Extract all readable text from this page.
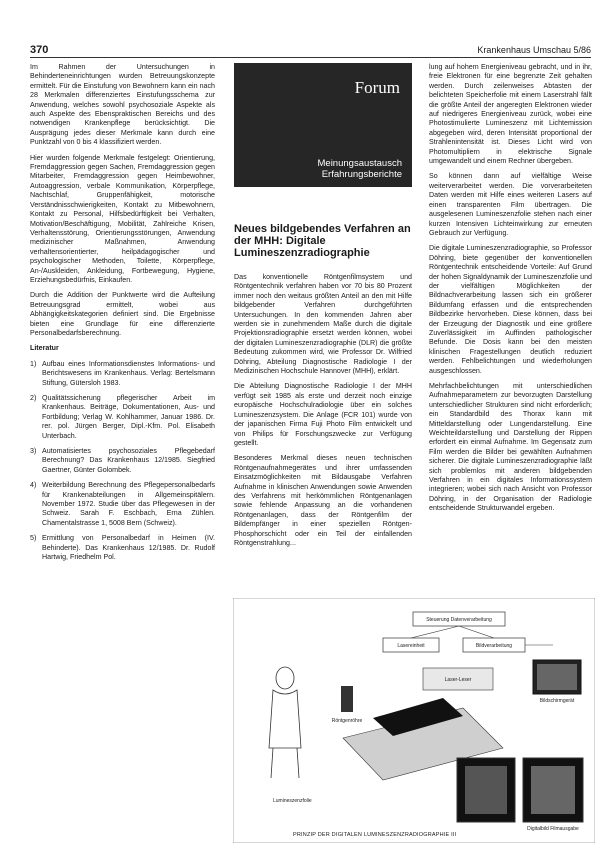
370	Krankenhaus Umschau 5/86

Im Rahmen der Untersuchungen in Behinderteneinrichtungen wurden Betreuungskonzepte ermittelt. Für die Einstufung von Bewohnern kann ein nach 28 Merkmalen differenziertes Einstufungsschema zur Anwendung, welches sowohl psychosoziale Aspekte als auch Aspekte des Ebenspraktischen Bereichs und des notwendigen Krankenpflege berücksichtigt. Die Ausprägung jedes dieser Merkmale kann durch eine Punktzahl von 0 bis 4 klassifiziert werden.

Hier wurden folgende Merkmale festgelegt: Orientierung, Fremdaggression gegen Sachen, Fremdaggression gegen Mitarbeiter, Fremdaggression gegen Heimbewohner, Autoaggression, verbale Kommunikation, Körperpflege, Nachtschlaf, Gruppenfähigkeit, motorische Verständnisschwierigkeiten, Kontakt zu Mitbewohnern, Kontakt zu Personal, Hilfsbedürftigkeit bei Verhalten, Motivation/Beschäftigung, Mobilität, Zahlreiche Krisen, Verhaltensstörung, Orientierungsstörungen, Anwendung medizinischer Maßnahmen, Anwendung verhaltensorientierter, heilpädagogischer und psychologischer Methoden, Toilette, Körperpflege, An-/Auskleiden, Ankleidung, Fortbewegung, Hygiene, Erziehungsbedürfnis, Einkaufen.

Durch die Addition der Punktwerte wird die Aufteilung Betreuungsgrad ermittelt, wobei aus Abhängigkeitskategorien definiert sind. Die Ergebnisse bieten eine Grundlage für eine differenzierte Personalbedarfsberechnung.

Literatur
1) Aufbau eines Informationsdienstes Informations- und Berichtswesens im Krankenhaus. Verlag: Bertelsmann Stiftung, Gütersloh 1983.
2) Qualitätssicherung pflegerischer Arbeit im Krankenhaus. Beiträge, Dokumentationen, Aus- und Fortbildung; Verlag W. Kohlhammer, Januar 1986. Dr. rer. pol. Jürgen Berger, Dipl.-Kfm. Pol. Elisabeth Unterbach.
3) Automatisiertes psychosoziales Pflegebedarf Berechnung? Das Krankenhaus 12/1985. Siegfried Gaertner, Günter Golombek.
4) Weiterbildung Berechnung des Pflegepersonalbedarfs für Krankenabteilungen in Allgemeinspitälern. November 1972. Studie über das Pflegewesen in der Schweiz. Sarah F. Eschbach, Erna Zühlen. Chamentalstrasse 1, 5008 Bern (Schweiz).
5) Ermittlung von Personalbedarf in Heimen (IV. Behinderte). Das Krankenhaus 12/1985. Dr. Rudolf Hartwig, Friedhelm Pol.
Forum
Meinungsaustausch
Erfahrungsberichte
Neues bildgebendes Verfahren an der MHH: Digitale Lumineszenzradiographie

Das konventionelle Röntgenfilmsystem und Röntgentechnik verfahren haben vor 70 bis 80 Prozent immer noch den weitaus größten Anteil an den mit Hilfe bildgebender Verfahren durchgeführten Untersuchungen. In den kommenden Jahren aber werden sie in zunehmendem Maße durch die digitale Projektionsradiographie ersetzt werden können, wobei der digitalen Lumineszenzradiographie (DLR) die größte Bedeutung zukommen wird, wie Professor Dr. Wilfried Döhring, Abteilung Diagnostische Radiologie I der Medizinischen Hochschule Hannover (MHH), erklärt.

Die Abteilung Diagnostische Radiologie I der MHH verfügt seit 1985 als erste und derzeit noch einzige europäische Hochschulradiologie über ein solches Lumineszenzsystem. Die Anlage (FCR 101) wurde von der japanischen Firma Fuji Photo Film entwickelt und von Philips für Forschungszwecke zur Verfügung gestellt.

Besonderes Merkmal dieses neuen technischen Röntgenaufnahmegerätes und ihrer umfassenden Einsatzmöglichkeiten mit Bildausgabe Verfahren Aufnahme in klinischen Anwendungen sowie Anwenden des Verfahrens mit herkömmlichen Röntgenanlagen sowie fehlende Anpassung an die vorhandenen Röntgenanlagen, dass der Röntgenfilm der Bildempfänger in einer speziellen Röntgen-Phosphorschicht oder ein Teil der einfallenden Röntgenstrahlung...

lung auf hohem Energieniveau gebracht, und in ihr, freie Elektronen für eine begrenzte Zeit gehalten werden. Durch zeilenweises Abtasten der belichteten Speicherfolie mit einem Laserstrahl fällt die größte Anteil der angeregten Elektronen wieder auf niedrigeres Energieniveau zurück, wobei eine Photostimulierte Lumineszenz mit Lichtemission abgegeben wird, deren Intensität proportional der Strahlenintensität ist. Dieses Licht wird von Photomultipliern in elektrische Signale umgewandelt und einem Rechner übergeben.

So können dann auf vielfältige Weise weiterverarbeitet werden. Die vorverarbeiteten Daten werden mit Hilfe eines weiteren Lasers auf einen transparenten Film übertragen. Die ausgelesenen Lumineszenzfolie stehen nach einer kurzen Intensiven Lichteinwirkung zur erneuten Gebrauch zur Verfügung.

Die digitale Lumineszenzradiographie, so Professor Döhring, biete gegenüber der konventionellen Röntgentechnik entscheidende Vorteile: Auf Grund der hohen Signaldynamik der Lumineszenzfolie und der vielfältigen Möglichkeiten der Bildnachverarbeitung lassen sich ein größerer Bildumfang erfassen und die entsprechenden Bildbezirke hervorheben. Diese können, dass bei der Erzeugung der Diagnostik und eine größere Zuverlässigkeit im Auffinden pathologischer Befunde. Die Dosis kann bei den meisten klinischen Fragestellungen deutlich reduziert werden. Fehlbelichtungen und wiederholungen ausgeschlossen.

Mehrfachbelichtungen mit unterschiedlichen Aufnahmeparametern zur bevorzugten Darstellung unterschiedlicher Strukturen sind nicht erforderlich; ein Standardbild des Thorax kann mit Mitteldarstellung oder Lungendarstellung. Eine Weichteildarstellung und Darstellung der Rippen erfordert ein einmal Aufnahme. Im Gegensatz zum Film werden die Bilder bei gewählten Aufnahmen sicherer. Die digitale Lumineszenzradiographie läßt sich problemlos mit anderen bildgebenden Verfahren in ein digitales Informationssystem integrieren; wobei sich nach Ansicht von Professor Döhring, in der Organisation der Radiologie entscheidende Strukturwandel ergeben.

Steuerung Datenverarbeitung
Lasereinheit	Bildverarbeitung
Bildschirmgerät
Laser-Leser
Röntgenröhre
Lumineszenzfolie
Digitalbild Filmausgabe
PRINZIP DER DIGITALEN LUMINESZENZRADIOGRAPHIE III
